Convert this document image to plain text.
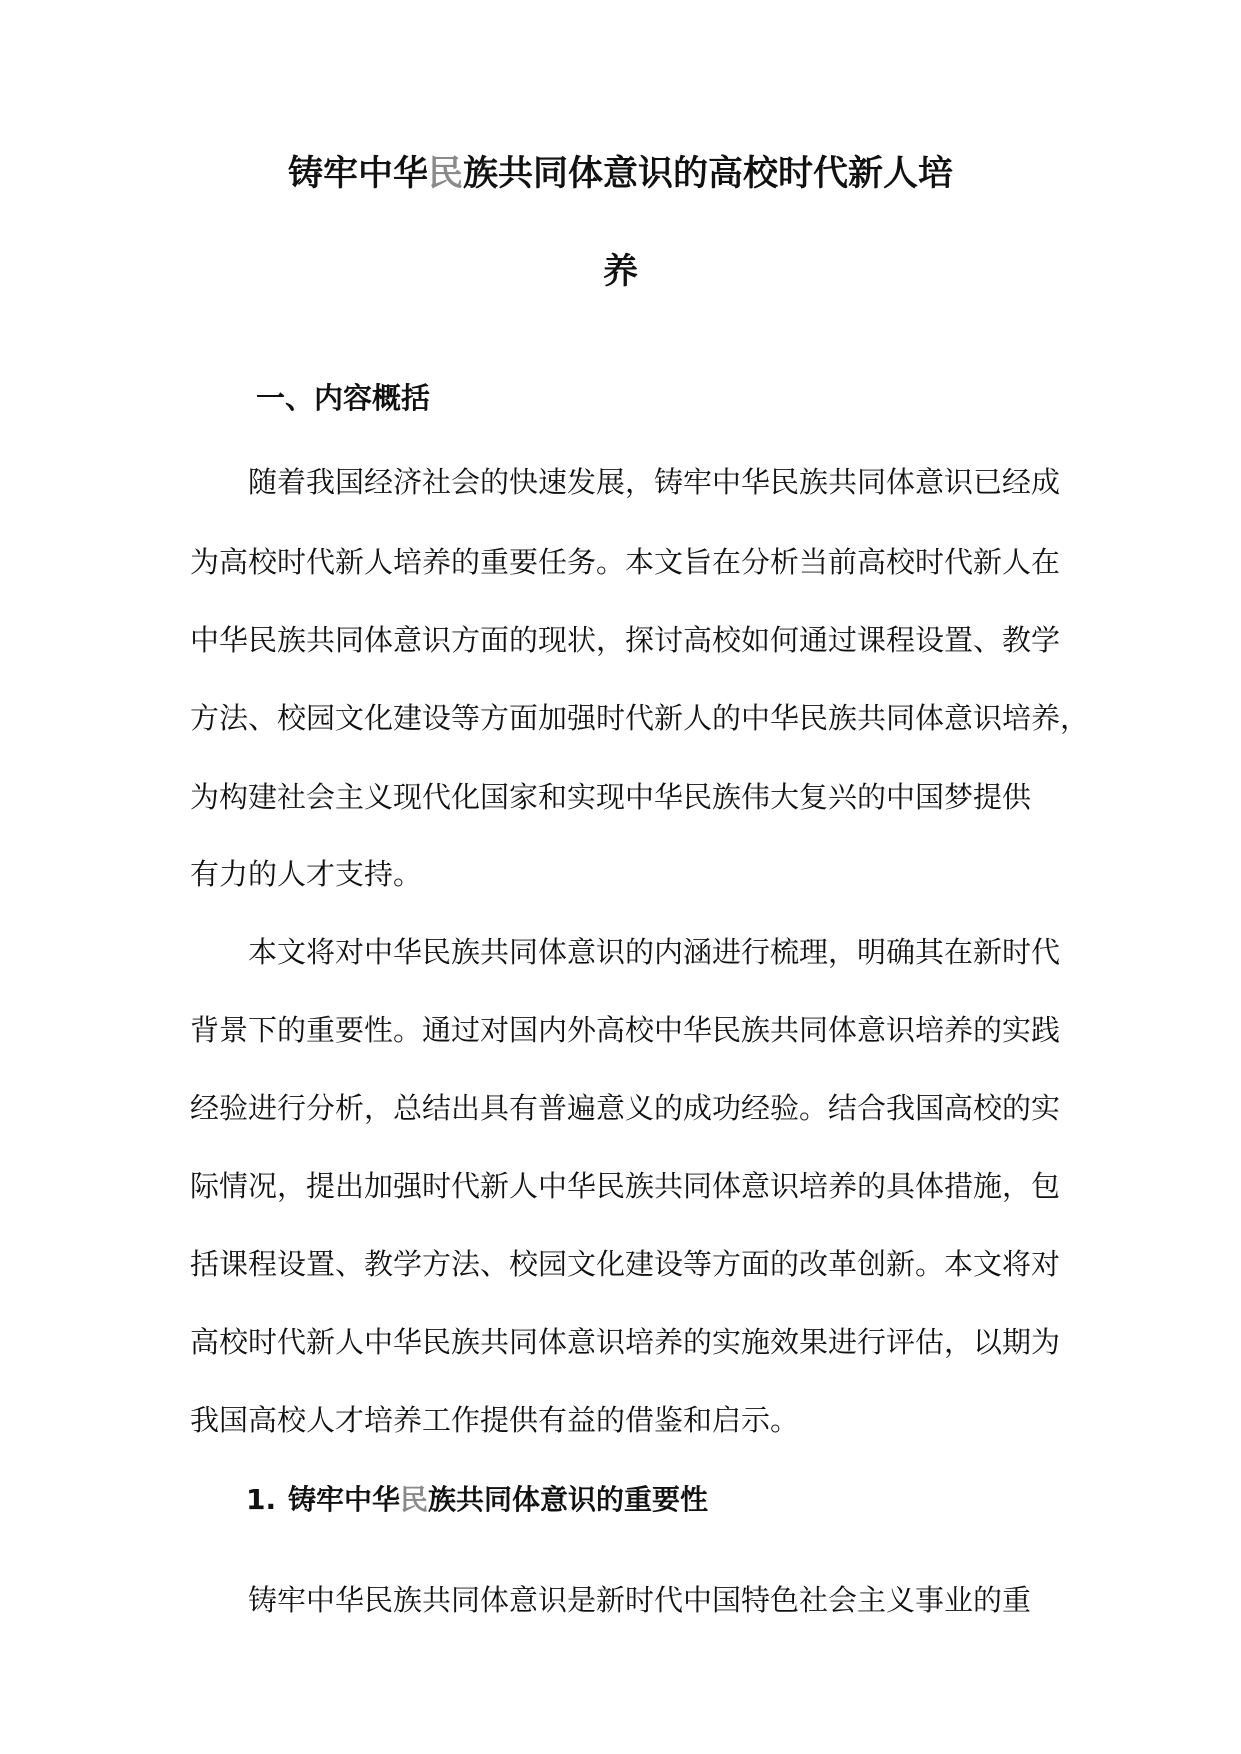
铸牢中华民族共同体意识的高校时代新人培
养
一、内容概括
随着我国经济社会的快速发展，铸牢中华民族共同体意识已经成
为高校时代新人培养的重要任务。本文旨在分析当前高校时代新人在
中华民族共同体意识方面的现状，探讨高校如何通过课程设置、教学
方法、校园文化建设等方面加强时代新人的中华民族共同体意识培养，
为构建社会主义现代化国家和实现中华民族伟大复兴的中国梦提供
有力的人才支持。
本文将对中华民族共同体意识的内涵进行梳理，明确其在新时代
背景下的重要性。通过对国内外高校中华民族共同体意识培养的实践
经验进行分析，总结出具有普遍意义的成功经验。结合我国高校的实
际情况，提出加强时代新人中华民族共同体意识培养的具体措施，包
括课程设置、教学方法、校园文化建设等方面的改革创新。本文将对
高校时代新人中华民族共同体意识培养的实施效果进行评估，以期为
我国高校人才培养工作提供有益的借鉴和启示。
1. 铸牢中华民族共同体意识的重要性
铸牢中华民族共同体意识是新时代中国特色社会主义事业的重
